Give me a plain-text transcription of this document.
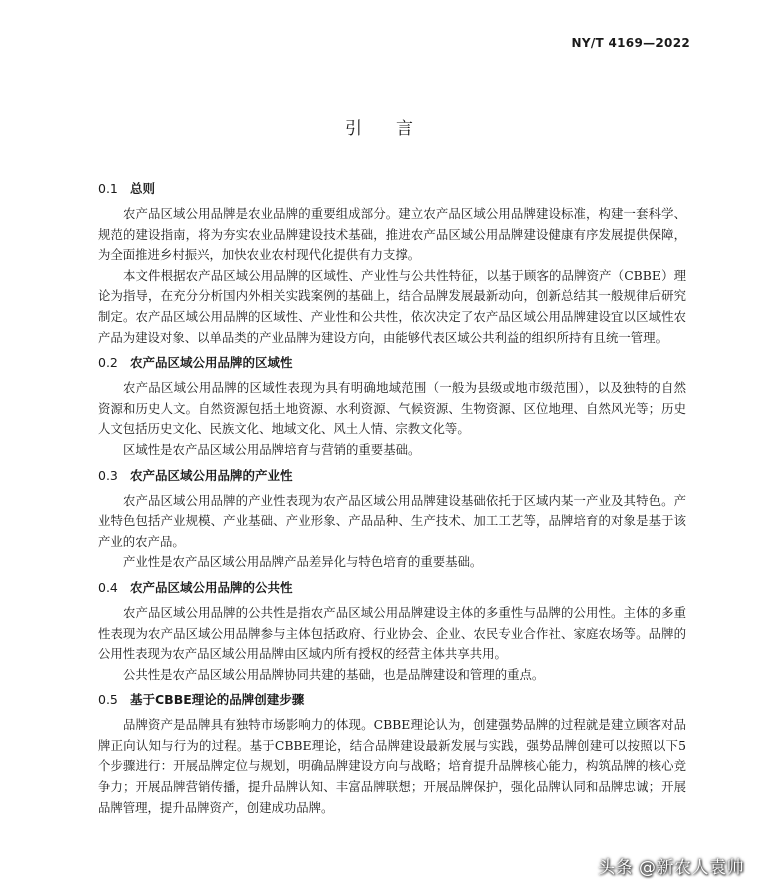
NY/T 4169—2022
引言
0.1 总则

农产品区域公用品牌是农业品牌的重要组成部分。建立农产品区域公用品牌建设标准，构建一套科学、规范的建设指南，将为夯实农业品牌建设技术基础，推进农产品区域公用品牌建设健康有序发展提供保障，为全面推进乡村振兴，加快农业农村现代化提供有力支撑。

本文件根据农产品区域公用品牌的区域性、产业性与公共性特征，以基于顾客的品牌资产（CBBE）理论为指导，在充分分析国内外相关实践案例的基础上，结合品牌发展最新动向，创新总结其一般规律后研究制定。农产品区域公用品牌的区域性、产业性和公共性，依次决定了农产品区域公用品牌建设宜以区域性农产品为建设对象、以单品类的产业品牌为建设方向，由能够代表区域公共利益的组织所持有且统一管理。

0.2 农产品区域公用品牌的区域性

农产品区域公用品牌的区域性表现为具有明确地域范围（一般为县级或地市级范围），以及独特的自然资源和历史人文。自然资源包括土地资源、水利资源、气候资源、生物资源、区位地理、自然风光等；历史人文包括历史文化、民族文化、地域文化、风土人情、宗教文化等。

区域性是农产品区域公用品牌培育与营销的重要基础。

0.3 农产品区域公用品牌的产业性

农产品区域公用品牌的产业性表现为农产品区域公用品牌建设基础依托于区域内某一产业及其特色。产业特色包括产业规模、产业基础、产业形象、产品品种、生产技术、加工工艺等，品牌培育的对象是基于该产业的农产品。

产业性是农产品区域公用品牌产品差异化与特色培育的重要基础。

0.4 农产品区域公用品牌的公共性

农产品区域公用品牌的公共性是指农产品区域公用品牌建设主体的多重性与品牌的公用性。主体的多重性表现为农产品区域公用品牌参与主体包括政府、行业协会、企业、农民专业合作社、家庭农场等。品牌的公用性表现为农产品区域公用品牌由区域内所有授权的经营主体共享共用。

公共性是农产品区域公用品牌协同共建的基础，也是品牌建设和管理的重点。

0.5 基于CBBE理论的品牌创建步骤

品牌资产是品牌具有独特市场影响力的体现。CBBE理论认为，创建强势品牌的过程就是建立顾客对品牌正向认知与行为的过程。基于CBBE理论，结合品牌建设最新发展与实践，强势品牌创建可以按照以下5个步骤进行：开展品牌定位与规划，明确品牌建设方向与战略；培育提升品牌核心能力，构筑品牌的核心竞争力；开展品牌营销传播，提升品牌认知、丰富品牌联想；开展品牌保护，强化品牌认同和品牌忠诚；开展品牌管理，提升品牌资产，创建成功品牌。

头条 @新农人袁帅
